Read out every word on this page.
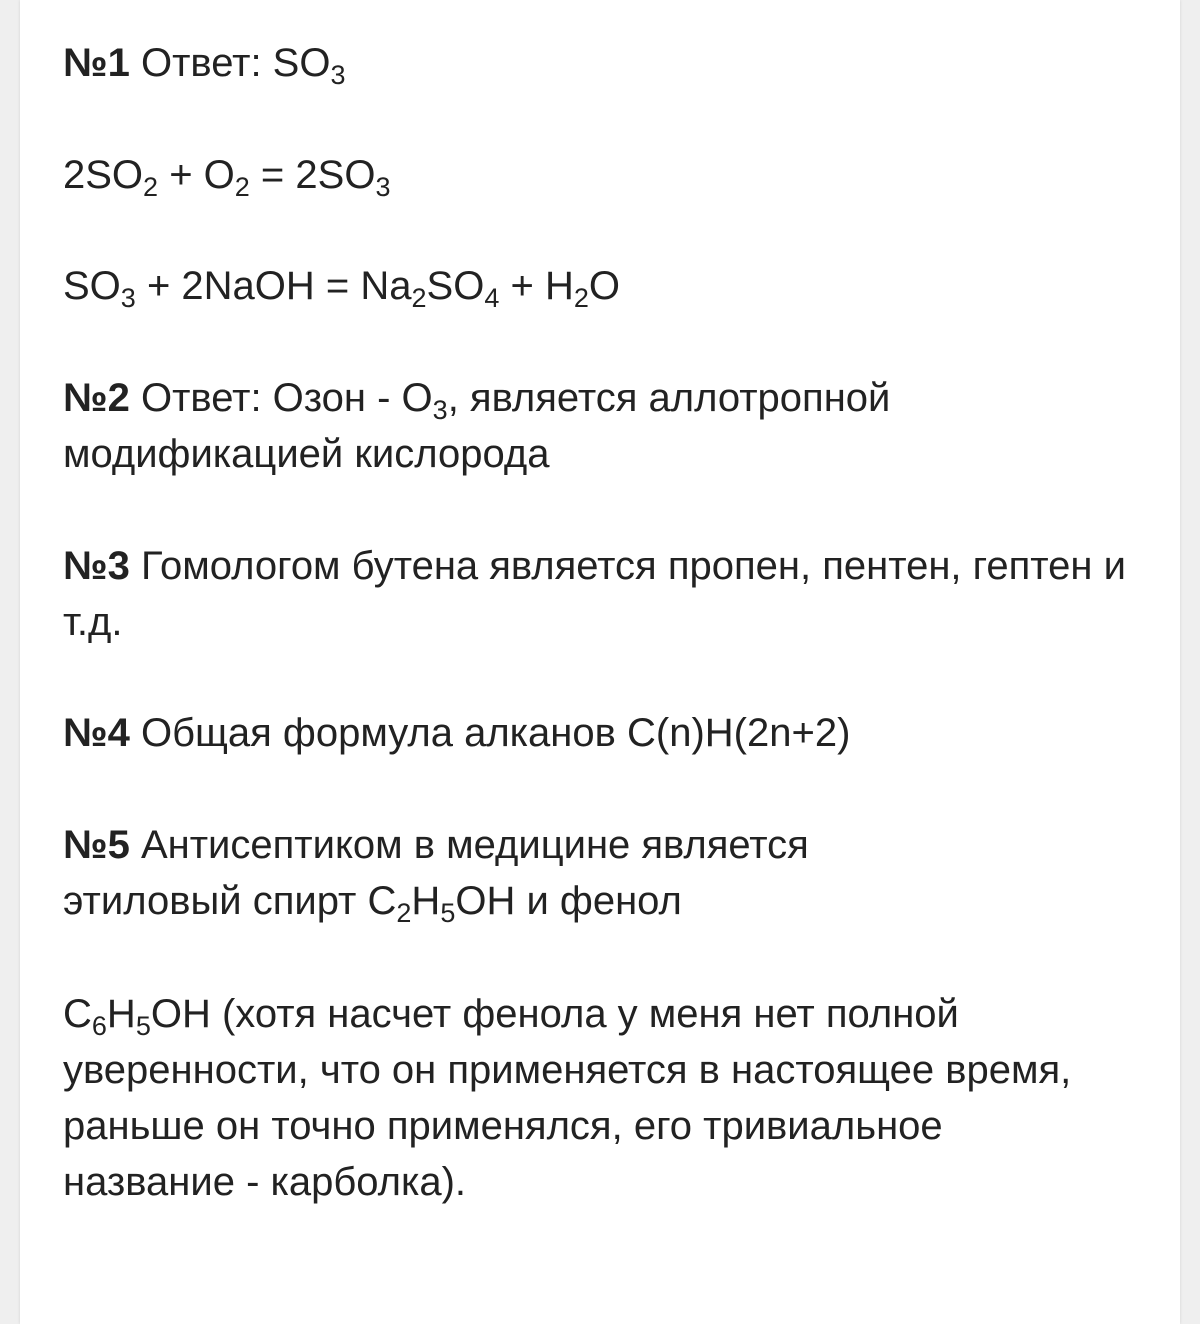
№1 Ответ: $SO_3$

$2SO_2 + O_2 = 2SO_3$

$SO_3$ + 2NaOH = $Na_2SO_4 + H_2O$

№2 Ответ: Озон - $O_3$, является аллотропной модификацией кислорода

№3 Гомологом бутена является пропен, пентен, гептен и т.д.

№4 Общая формула алканов C(n)H(2n+2)

№5 Антисептиком в медицине является этиловый спирт $C_2H_5OH$ и фенол

$C_6H_5OH$ (хотя насчет фенола у меня нет полной уверенности, что он применяется в настоящее время, раньше он точно применялся, его тривиальное название - карболка).
